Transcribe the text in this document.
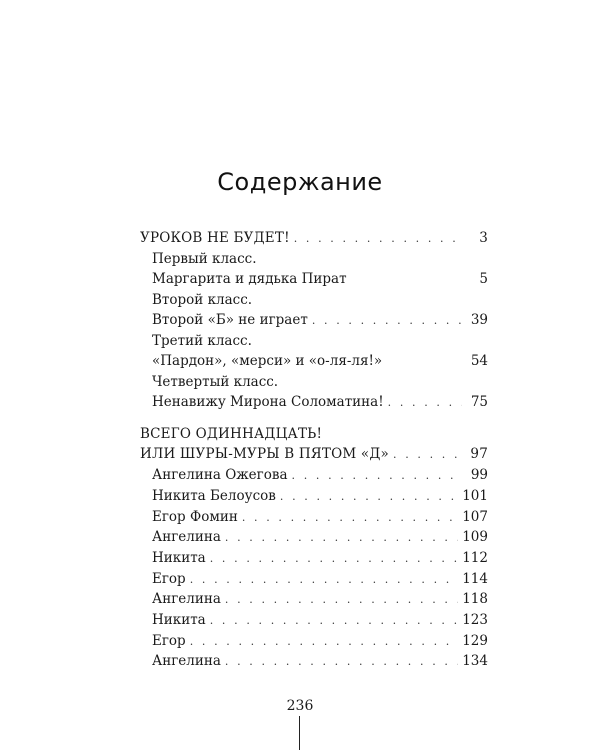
Содержание
УРОКОВ НЕ БУДЕТ! . . .	3
Первый класс.
Маргарита и дядька Пират	5
Второй класс.
Второй «Б» не играет . . .	39
Третий класс.
«Пардон», «мерси» и «о-ля-ля!»	54
Четвертый класс.
Ненавижу Мирона Соломатина! . . .	75
ВСЕГО ОДИННАДЦАТЬ!
ИЛИ ШУРЫ-МУРЫ В ПЯТОМ «Д» . . .	97
Ангелина Ожегова . . .	99
Никита Белоусов . . .	101
Егор Фомин . . .	107
Ангелина . . .	109
Никита . . .	112
Егор . . .	114
Ангелина . . .	118
Никита . . .	123
Егор . . .	129
Ангелина . . .	134
236
